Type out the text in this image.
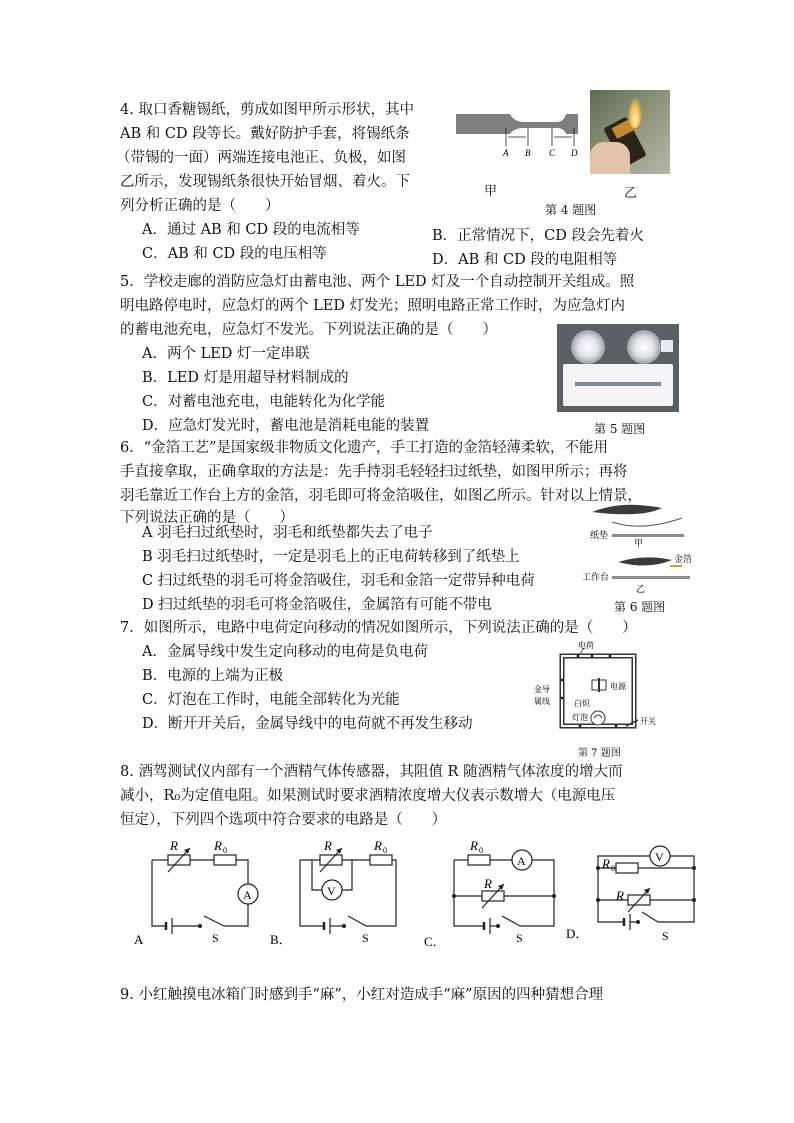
4. 取口香糖锡纸，剪成如图甲所示形状，其中
AB 和 CD 段等长。戴好防护手套，将锡纸条
（带锡的一面）两端连接电池正、负极，如图
乙所示，发现锡纸条很快开始冒烟、着火。下
列分析正确的是（　　）
A．通过 AB 和 CD 段的电流相等	B．正常情况下，CD 段会先着火
C．AB 和 CD 段的电压相等	D．AB 和 CD 段的电阻相等
A B C D
甲	乙
第 4 题图
5．学校走廊的消防应急灯由蓄电池、两个 LED 灯及一个自动控制开关组成。照
明电路停电时，应急灯的两个 LED 灯发光；照明电路正常工作时，为应急灯内
的蓄电池充电，应急灯不发光。下列说法正确的是（　　）
A．两个 LED 灯一定串联
B．LED 灯是用超导材料制成的
C．对蓄电池充电，电能转化为化学能
D．应急灯发光时，蓄电池是消耗电能的装置	第 5 题图
6．“金箔工艺”是国家级非物质文化遗产，手工打造的金箔轻薄柔软，不能用
手直接拿取，正确拿取的方法是：先手持羽毛轻轻扫过纸垫，如图甲所示；再将
羽毛靠近工作台上方的金箔，羽毛即可将金箔吸住，如图乙所示。针对以上情景，
下列说法正确的是（　　）
A 羽毛扫过纸垫时，羽毛和纸垫都失去了电子
B 羽毛扫过纸垫时，一定是羽毛上的正电荷转移到了纸垫上
C 扫过纸垫的羽毛可将金箔吸住，羽毛和金箔一定带异种电荷
D 扫过纸垫的羽毛可将金箔吸住，金属箔有可能不带电
纸垫
甲
工作台
金箔
乙
第 6 题图
7．如图所示，电路中电荷定向移动的情况如图所示，下列说法正确的是（　　）
A．金属导线中发生定向移动的电荷是负电荷
B．电源的上端为正极
C．灯泡在工作时，电能全部转化为光能
D．断开开关后，金属导线中的电荷就不再发生移动
电荷
金导
属线
电源
白炽
灯泡	开关
第 7 题图
8. 酒驾测试仪内部有一个酒精气体传感器，其阻值 R 随酒精气体浓度的增大而
减小，R₀为定值电阻。如果测试时要求酒精浓度增大仪表示数增大（电源电压
恒定），下列四个选项中符合要求的电路是（　　）
R	R 0
A
S
A
R	R 0
V
S
B．
R 0
A
R
S
C．
R 0
V
R
S
D．
9. 小红触摸电冰箱门时感到手“麻”，小红对造成手“麻”原因的四种猜想合理
